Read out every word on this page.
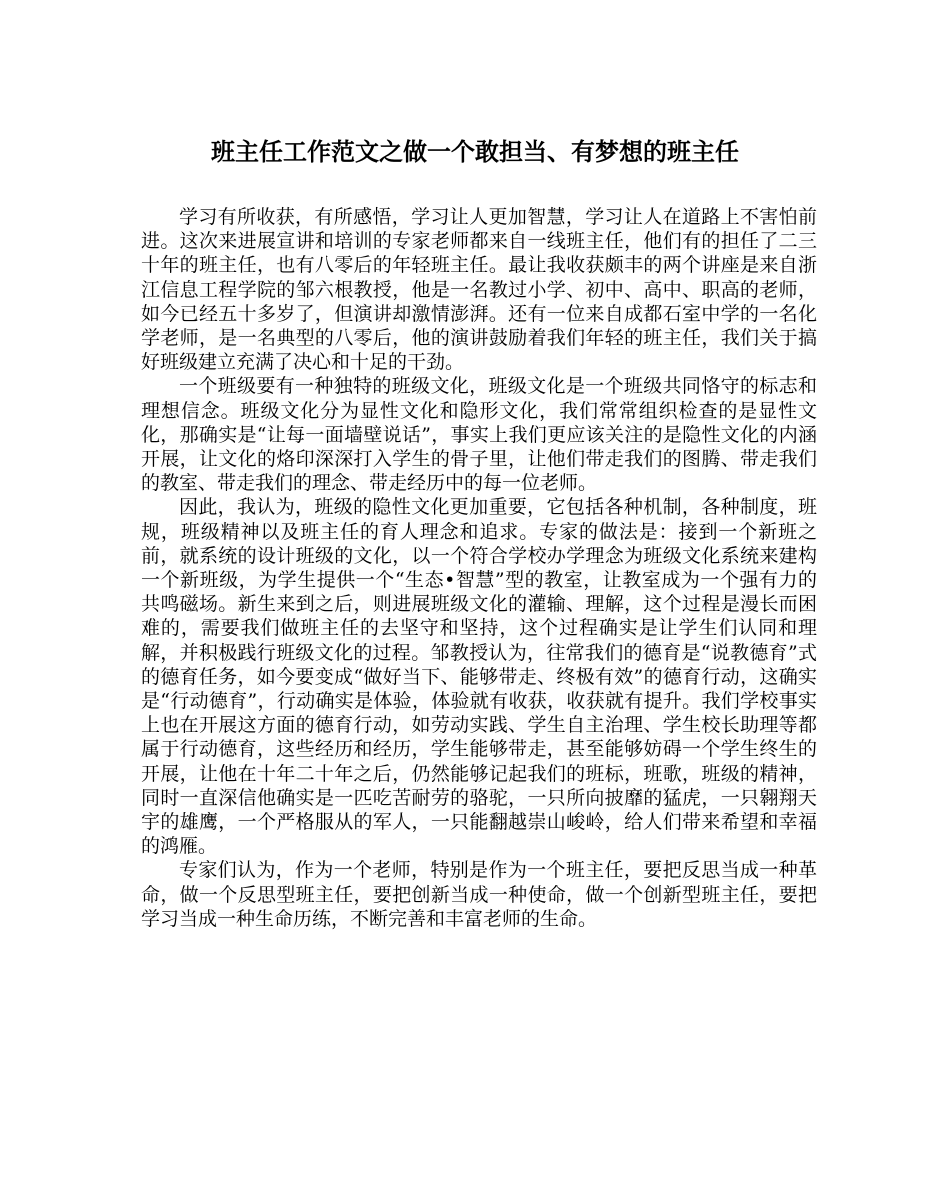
班主任工作范文之做一个敢担当、有梦想的班主任

学习有所收获，有所感悟，学习让人更加智慧，学习让人在道路上不害怕前进。这次来进展宣讲和培训的专家老师都来自一线班主任，他们有的担任了二三十年的班主任，也有八零后的年轻班主任。最让我收获颇丰的两个讲座是来自浙江信息工程学院的邹六根教授，他是一名教过小学、初中、高中、职高的老师，如今已经五十多岁了，但演讲却激情澎湃。还有一位来自成都石室中学的一名化学老师，是一名典型的八零后，他的演讲鼓励着我们年轻的班主任，我们关于搞好班级建立充满了决心和十足的干劲。

一个班级要有一种独特的班级文化，班级文化是一个班级共同恪守的标志和理想信念。班级文化分为显性文化和隐形文化，我们常常组织检查的是显性文化，那确实是“让每一面墙壁说话”，事实上我们更应该关注的是隐性文化的内涵开展，让文化的烙印深深打入学生的骨子里，让他们带走我们的图腾、带走我们的教室、带走我们的理念、带走经历中的每一位老师。

因此，我认为，班级的隐性文化更加重要，它包括各种机制，各种制度，班规，班级精神以及班主任的育人理念和追求。专家的做法是：接到一个新班之前，就系统的设计班级的文化，以一个符合学校办学理念为班级文化系统来建构一个新班级，为学生提供一个“生态•智慧”型的教室，让教室成为一个强有力的共鸣磁场。新生来到之后，则进展班级文化的灌输、理解，这个过程是漫长而困难的，需要我们做班主任的去坚守和坚持，这个过程确实是让学生们认同和理解，并积极践行班级文化的过程。邹教授认为，往常我们的德育是“说教德育”式的德育任务，如今要变成“做好当下、能够带走、终极有效”的德育行动，这确实是“行动德育”，行动确实是体验，体验就有收获，收获就有提升。我们学校事实上也在开展这方面的德育行动，如劳动实践、学生自主治理、学生校长助理等都属于行动德育，这些经历和经历，学生能够带走，甚至能够妨碍一个学生终生的开展，让他在十年二十年之后，仍然能够记起我们的班标，班歌，班级的精神，同时一直深信他确实是一匹吃苦耐劳的骆驼，一只所向披靡的猛虎，一只翱翔天宇的雄鹰，一个严格服从的军人，一只能翻越崇山峻岭，给人们带来希望和幸福的鸿雁。

专家们认为，作为一个老师，特别是作为一个班主任，要把反思当成一种革命，做一个反思型班主任，要把创新当成一种使命，做一个创新型班主任，要把学习当成一种生命历练，不断完善和丰富老师的生命。
